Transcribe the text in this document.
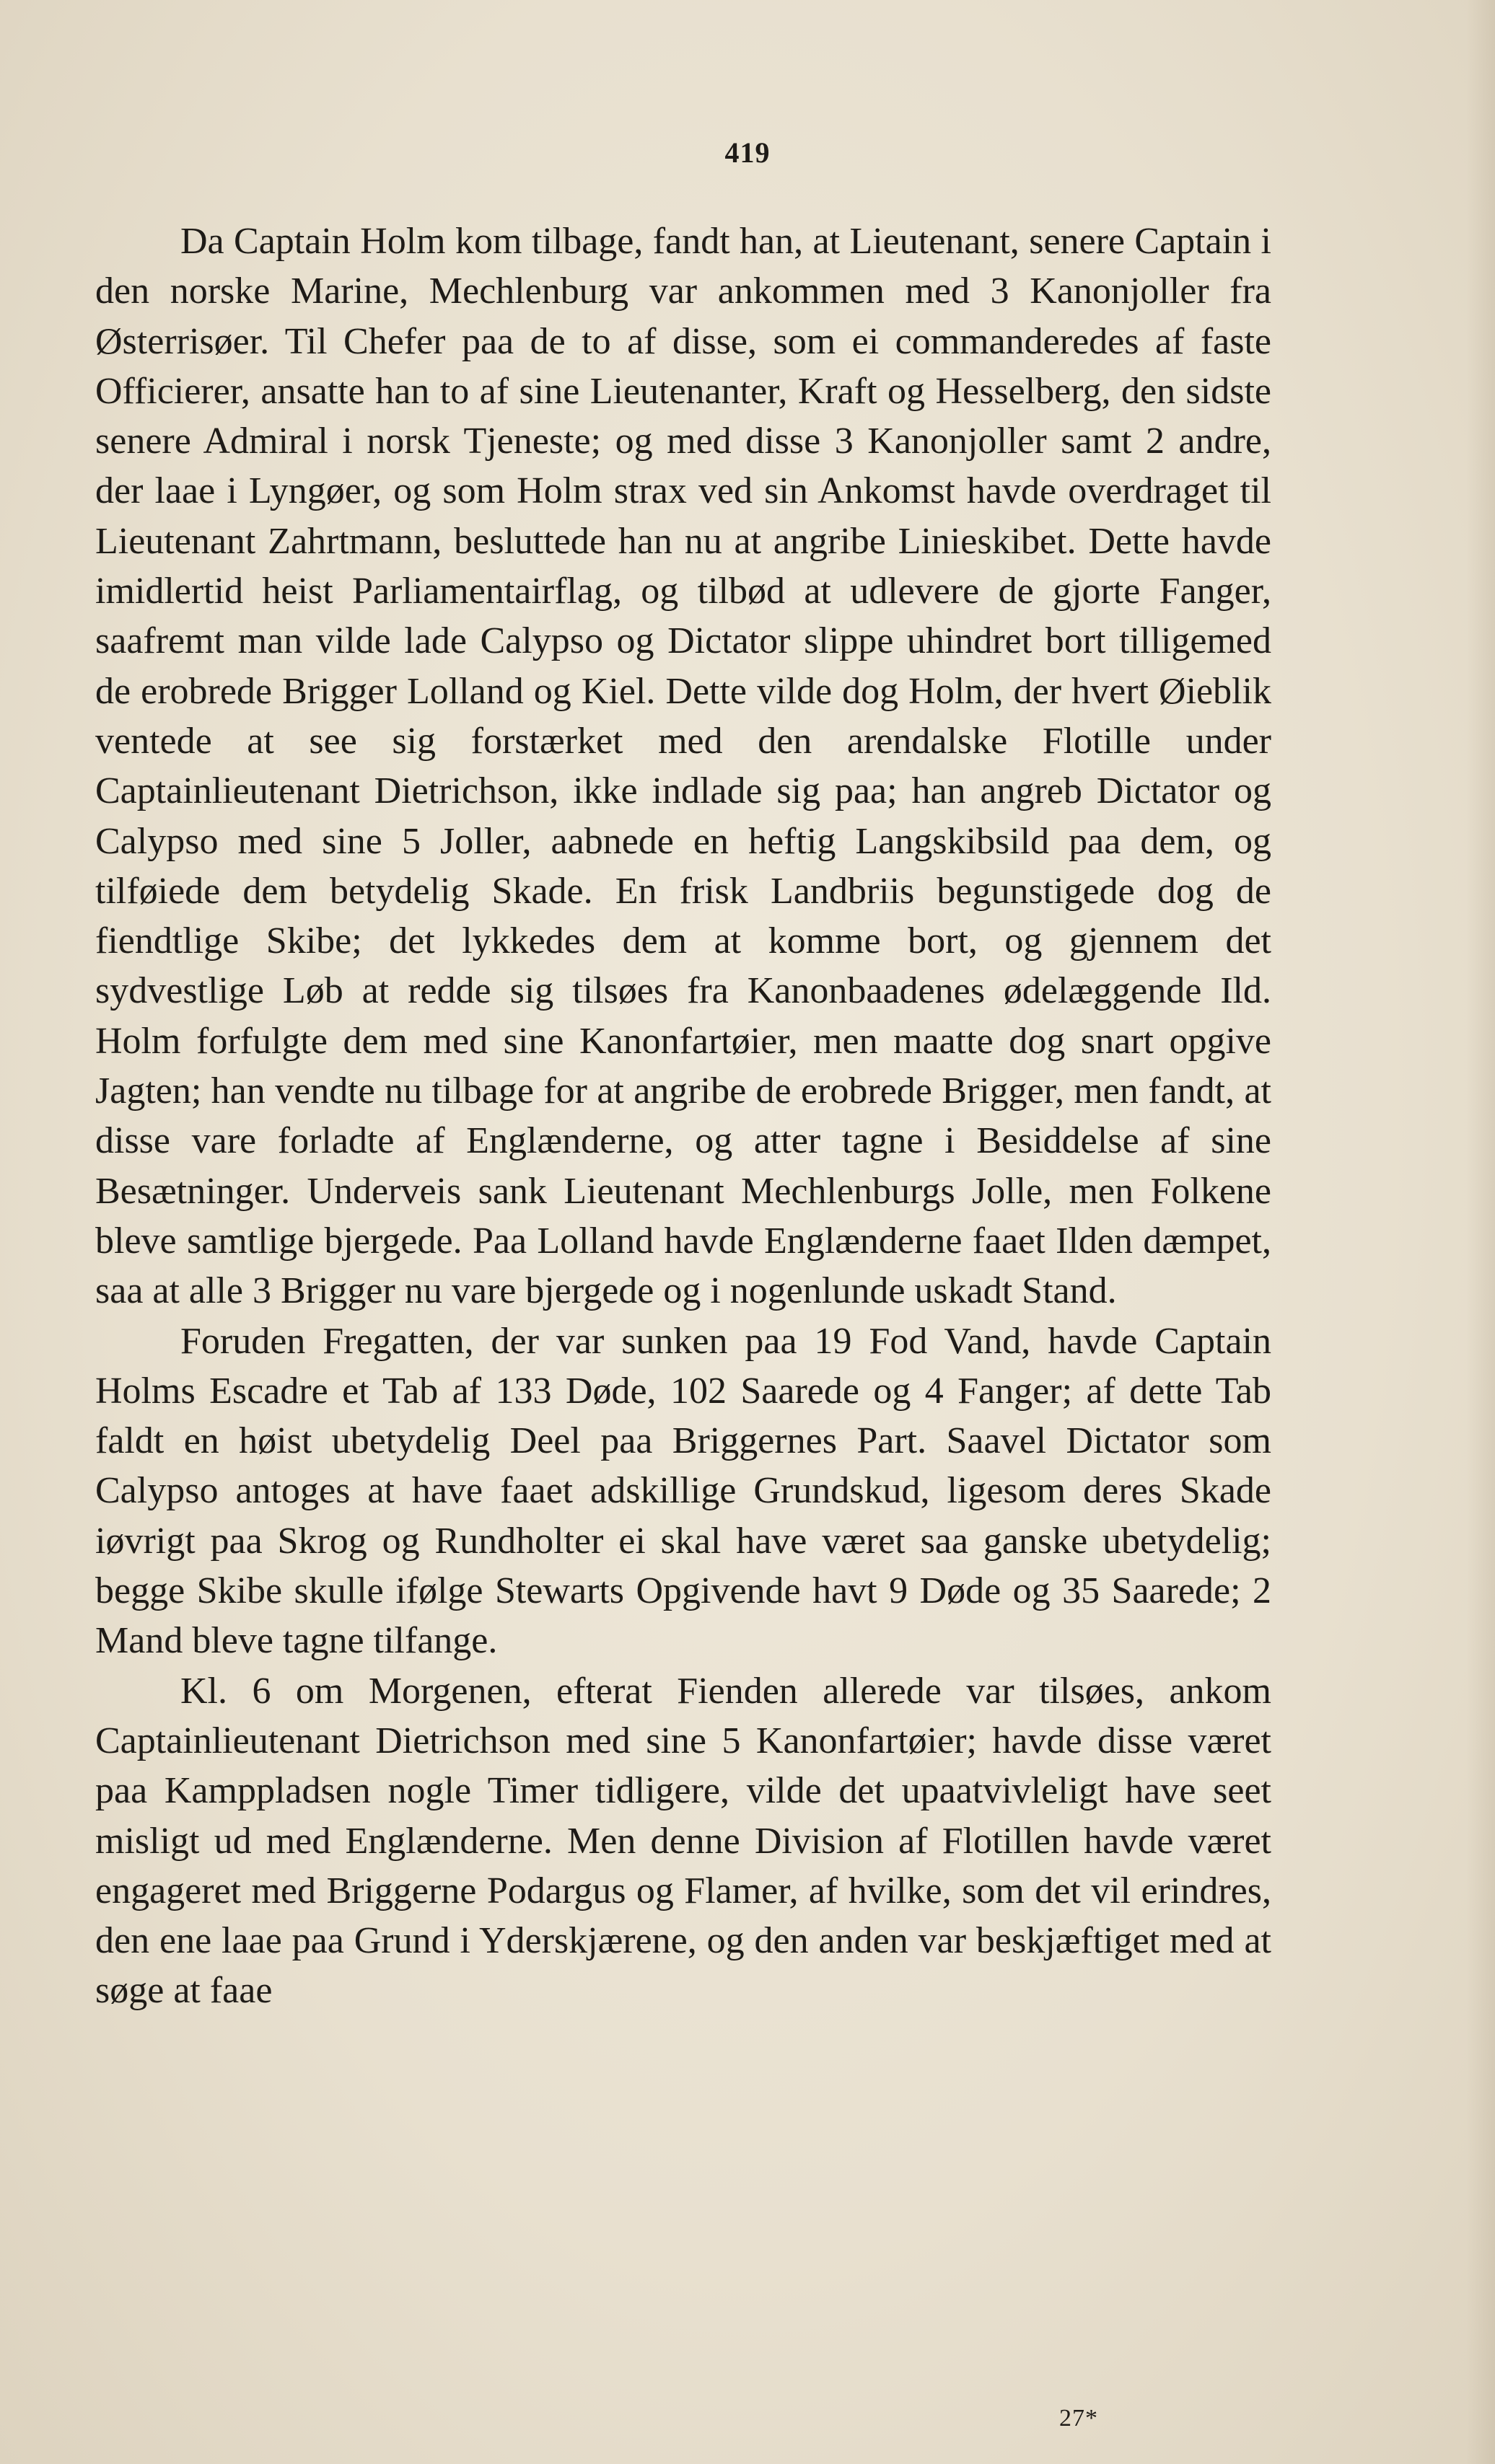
419

Da Captain Holm kom tilbage, fandt han, at Lieutenant, senere Captain i den norske Marine, Mechlenburg var ankommen med 3 Kanonjoller fra Østerrisøer. Til Chefer paa de to af disse, som ei commanderedes af faste Officierer, ansatte han to af sine Lieutenanter, Kraft og Hesselberg, den sidste senere Admiral i norsk Tjeneste; og med disse 3 Kanonjoller samt 2 andre, der laae i Lyngøer, og som Holm strax ved sin Ankomst havde overdraget til Lieutenant Zahrtmann, besluttede han nu at angribe Linieskibet. Dette havde imidlertid heist Parliamentairflag, og tilbød at udlevere de gjorte Fanger, saafremt man vilde lade Calypso og Dictator slippe uhindret bort tilligemed de erobrede Brigger Lolland og Kiel. Dette vilde dog Holm, der hvert Øieblik ventede at see sig forstærket med den arendalske Flotille under Captainlieutenant Dietrichson, ikke indlade sig paa; han angreb Dictator og Calypso med sine 5 Joller, aabnede en heftig Langskibsild paa dem, og tilføiede dem betydelig Skade. En frisk Landbriis begunstigede dog de fiendtlige Skibe; det lykkedes dem at komme bort, og gjennem det sydvestlige Løb at redde sig tilsøes fra Kanonbaadenes ødelæggende Ild. Holm forfulgte dem med sine Kanonfartøier, men maatte dog snart opgive Jagten; han vendte nu tilbage for at angribe de erobrede Brigger, men fandt, at disse vare forladte af Englænderne, og atter tagne i Besiddelse af sine Besætninger. Underveis sank Lieutenant Mechlenburgs Jolle, men Folkene bleve samtlige bjergede. Paa Lolland havde Englænderne faaet Ilden dæmpet, saa at alle 3 Brigger nu vare bjergede og i nogenlunde uskadt Stand.

Foruden Fregatten, der var sunken paa 19 Fod Vand, havde Captain Holms Escadre et Tab af 133 Døde, 102 Saarede og 4 Fanger; af dette Tab faldt en høist ubetydelig Deel paa Briggernes Part. Saavel Dictator som Calypso antoges at have faaet adskillige Grundskud, ligesom deres Skade iøvrigt paa Skrog og Rundholter ei skal have været saa ganske ubetydelig; begge Skibe skulle ifølge Stewarts Opgivende havt 9 Døde og 35 Saarede; 2 Mand bleve tagne tilfange.

Kl. 6 om Morgenen, efterat Fienden allerede var tilsøes, ankom Captainlieutenant Dietrichson med sine 5 Kanonfartøier; havde disse været paa Kamppladsen nogle Timer tidligere, vilde det upaatvivleligt have seet misligt ud med Englænderne. Men denne Division af Flotillen havde været engageret med Briggerne Podargus og Flamer, af hvilke, som det vil erindres, den ene laae paa Grund i Yderskjærene, og den anden var beskjæftiget med at søge at faae

27*
